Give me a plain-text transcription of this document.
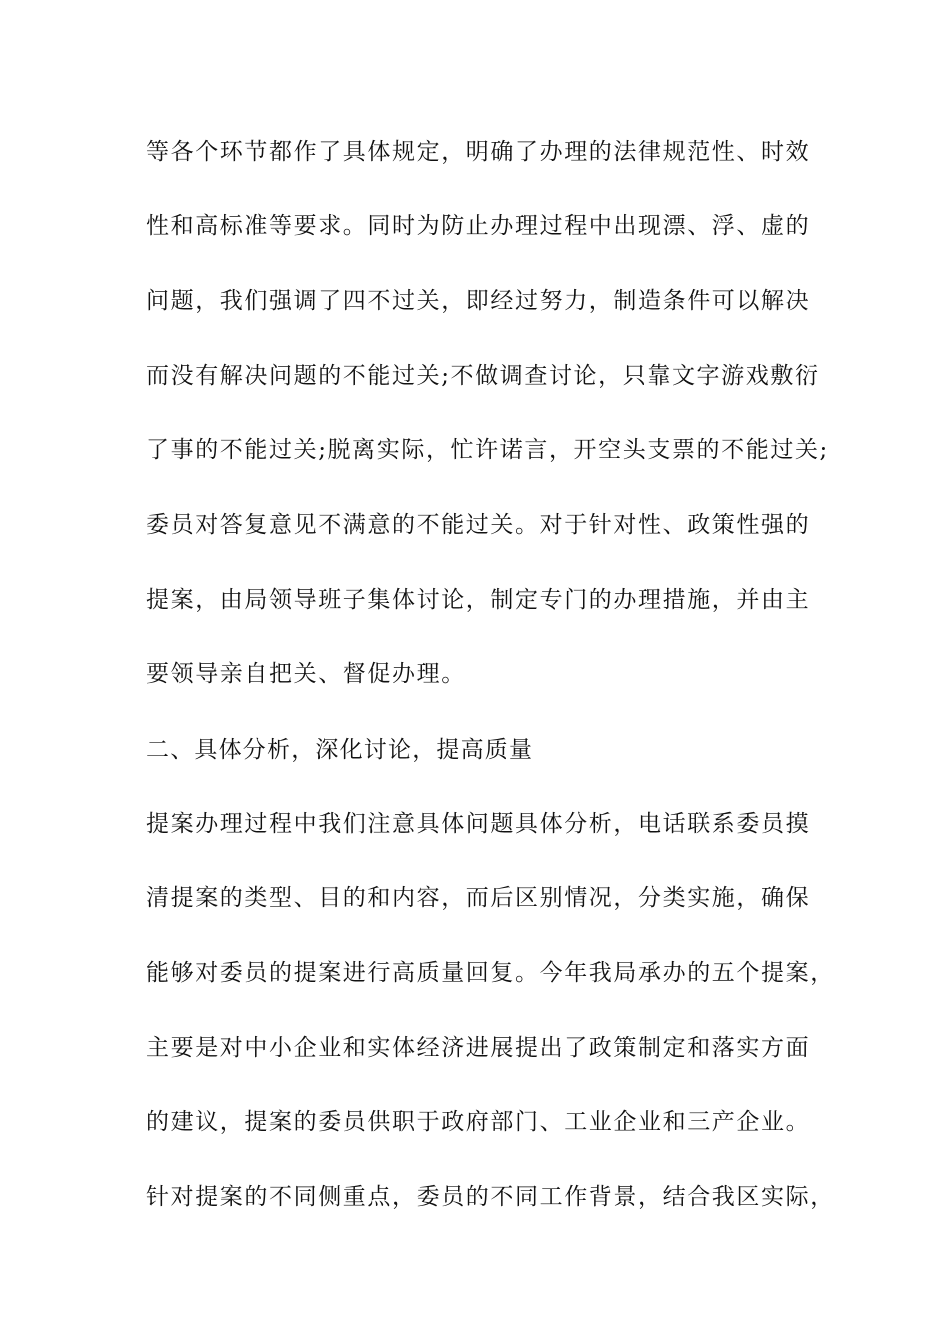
等各个环节都作了具体规定，明确了办理的法律规范性、时效
性和高标准等要求。同时为防止办理过程中出现漂、浮、虚的
问题，我们强调了四不过关，即经过努力，制造条件可以解决
而没有解决问题的不能过关;不做调查讨论，只靠文字游戏敷衍
了事的不能过关;脱离实际，忙许诺言，开空头支票的不能过关;
委员对答复意见不满意的不能过关。对于针对性、政策性强的
提案，由局领导班子集体讨论，制定专门的办理措施，并由主
要领导亲自把关、督促办理。
二、具体分析，深化讨论，提高质量
提案办理过程中我们注意具体问题具体分析，电话联系委员摸
清提案的类型、目的和内容，而后区别情况，分类实施，确保
能够对委员的提案进行高质量回复。今年我局承办的五个提案，
主要是对中小企业和实体经济进展提出了政策制定和落实方面
的建议，提案的委员供职于政府部门、工业企业和三产企业。
针对提案的不同侧重点，委员的不同工作背景，结合我区实际，
